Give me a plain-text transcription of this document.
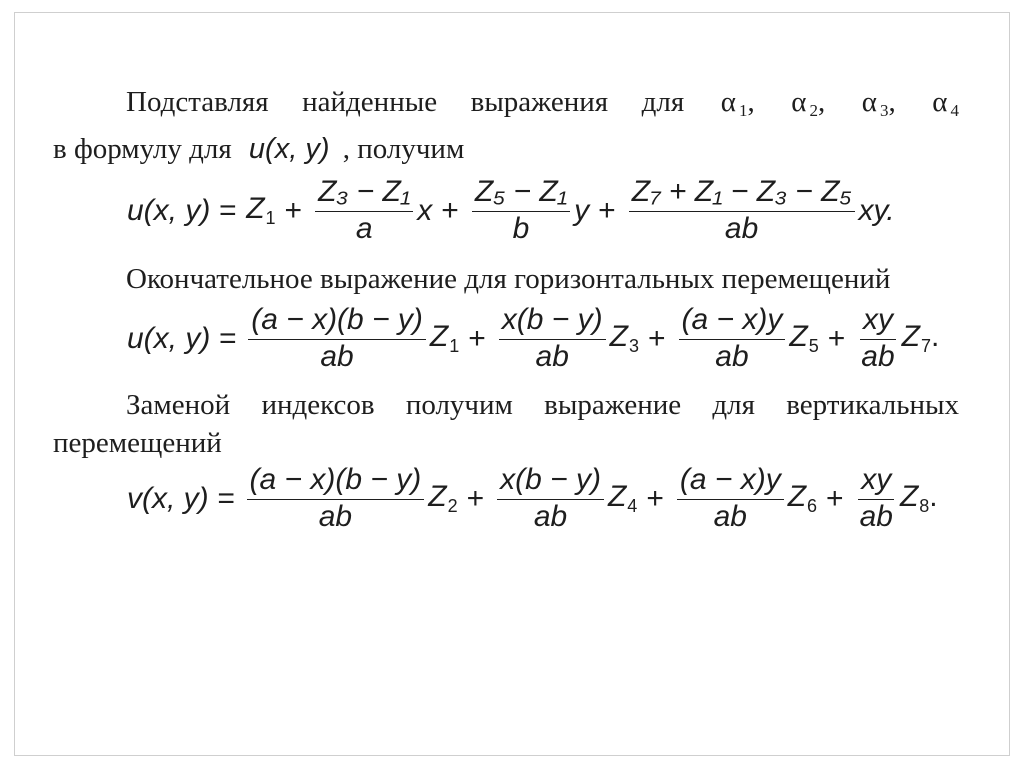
Подставляя найденные выражения для α $_1$, α $_2$, α $_3$, α $_4$
в формулу для u(x, y) , получим
u(x, $y) = Z_1 + \frac{\text{Z₃ − Z₁}}{a}$ $x + \frac{\text{Z₅ − Z₁}}{b}$ $y + \frac{\text{Z₇ + Z₁ − Z₃ − Z₅}}{ab}$ xy.
Окончательное выражение для горизонтальных перемещений
u(x, $y) = \frac{(a - x)(b - y)}{ab} Z_1 + \frac{x(b - y)}{ab} Z_3 + \frac{(a - x)y}{ab} Z_5 + \frac{xy}{ab} Z_7$.
Заменой индексов получим выражение для вертикальных
перемещений
v(x, $y) = \frac{(a - x)(b - y)}{ab} Z_2 + \frac{x(b - y)}{ab} Z_4 + \frac{(a - x)y}{ab} Z_6 + \frac{xy}{ab} Z_8$.
